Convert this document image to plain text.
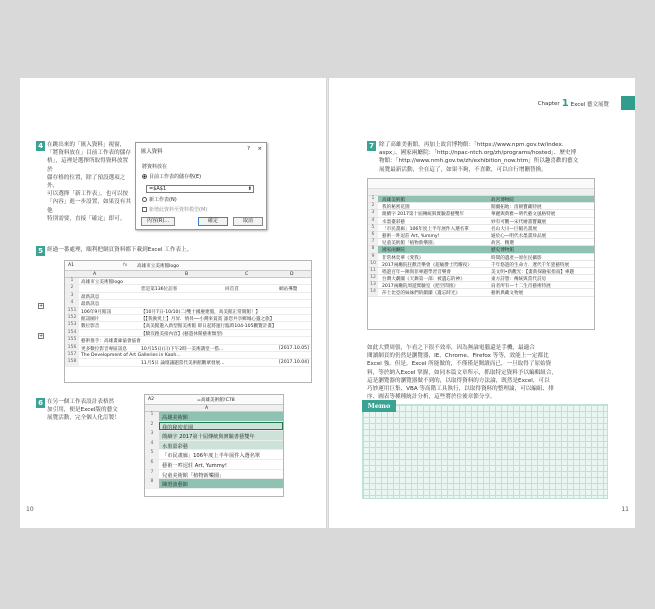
4 在跳出來的「匯入資料」視窗，
「將資料放在」目前工作表的儲存
格」，這裡是選擇所取得資料放置於
儲存格的位置，除了預設選項之外，
可以選擇「新工作表」，也可以按
「內容」進一步設置，如果沒有其他
特別需要，直接「確定」即可。
匯入資料	? ×
將資料放在
目前工作表的儲存格(E)
=$A$1	⬆
新工作表(N)
新增此資料至資料模型(M)
內容(R)...	確定	取消
5 經過一番處理，順利把網頁資料都下載到Excel 工作表上。
A1	fx 高雄市立美術館logo
A	B	C	D
1	高雄市立美術館logo
2	您是第136位訪客	回首頁	網站導覽
3	最新訊息
4	最新訊息
151	106年9月館訊	【10月7日-10/10(二)雙十國慶連假，高美館正常開館！】
152	館訊圖片	【【我換愛上】月昇．情昇──小灣來賞賞 誰您共享鄉城心靈之旅】
153	數位影音	【高美館邀入新型館美術館 即日起將運行臨時104-105觀覽計畫】
154	【騎沒跑美接內容】(藝遊休閒藝術類型)
155	藝術推手：高雄畫廊協會協會
156	更多數位影音專區訊息	10月15日(日)下午2時一美術講堂一搭...	[2017.10.05]
157	The Development of Art Galleries in Kaoh...
158	11月5日 論壇議題當代美術館觀眾發展...	[2017.10.04]
+
+
6 在另一個工作表設計表格然
加引用，便是Excel版的藝文
展覽活動，完全個人化訂製！
A2	=高雄美術館!C78
A
1
高雄美術館
2
我的秘密花園
3
簡續字 2017第十屆傳統與實驗書藝雙年
4
水墨臺彩藝
5
「市民畫廊」106年度上半年展件入選名單
6
藝術一吽逗莊 Art, Yummy!
7
兒童美術館「植物新樂園」
8
陳澄波藝館
10
Chapter 1 Excel 藝文展覽
7 除了高雄美術館，再加上故宮博物館：「https://www.npm.gov.tw/index.
aspx」、國家兩廳院：「http://npac-ntch.org/zh/programs/hosted」、歷史博
物館：「http://www.nmh.gov.tw/zh/exhibition_now.htm」所以趣喜歡的藝文
展覽最新活動，全在這了，如果不夠，不喜歡，可以自行增刪替換。
1	高雄美術館	故宮博物院
2	我的秘密花園	開疆拓地：清朝寶藏特展
3	簡續字 2017第十屆傳統與實驗書藝雙年	華麗與典雅—明代藝文風格特展
4	水墨臺彩藝	妙有可觀—宋代繪畫寶藏展
5	「市民畫廊」106年度上半年展件入選名單	名山大川—巨幅名畫展
6	藝術一吽逗莊 Art, Yummy!	通於心—明代水墨畫珍品展
7	兒童美術館「植物新樂園」	故宮．精選
8	國家兩廳院	歷史博物館
9	非常林奕華《愛我》	時間的遺產—原住民攝影
10	2017兩廳院狂歡音樂會《超級爵士閃耀夜》	千年悠遊的生命力．遼代千年瓷藝特展
11	唱遊百年—陳與菲專題學習音樂會	美文明•新觀光：【畫新探險家指南】專題
12	台灣大劇團《天舞第一部：被遺忘的神》	東方詩想：傳統與當代詩房
13	2017兩廳院周遊實驗室《把空間推》	肩者所有—十二生肖藝術特展
14	莎士比亞的妹妹們的劇團《遺忘時光》	藝術典藏文物展
如此大費周張，乍看之下很不效率，因為無論電腦還是手機，最適合
閱讀網頁的仍然是瀏覽器，IE、Chrome、Firefox 等等，效能上一定都比
Excel 強。但是，Excel 所能做的，不僅僅是閱讀而已，一旦取得了原始資
料，等於納入Excel 掌握，如同本篇文章所示，抓取特定資料予以編輯組合，
這是瀏覽器的瀏覽器做不到的，以取得資料的方法論，既然是Excel，可以
巧妙運用巨集、VBA 等高階工具執行，以取得資料的整理論，可以編組、排
序、圖表等種種統計分析，這些將於往後章節分享。
Memo
11
